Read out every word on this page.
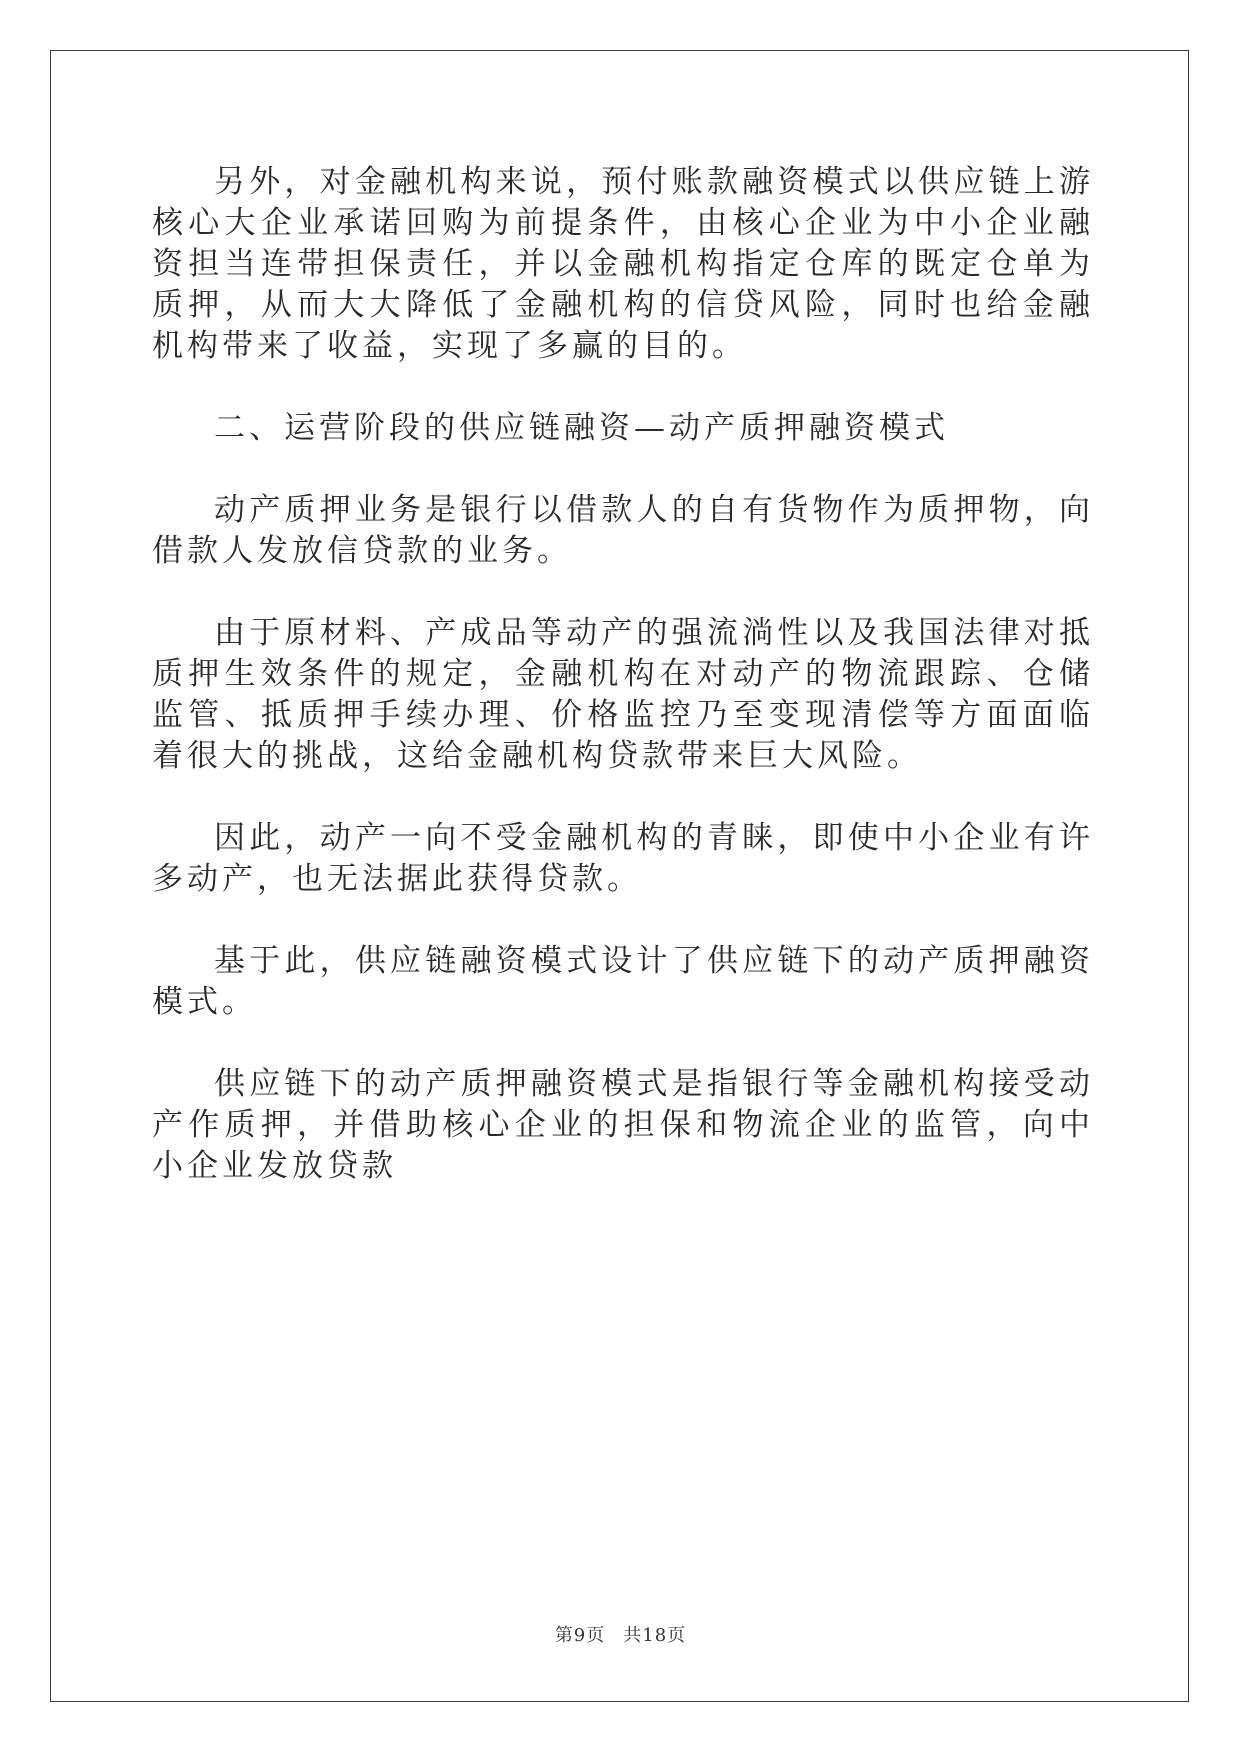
另外，对金融机构来说，预付账款融资模式以供应链上游核心大企业承诺回购为前提条件，由核心企业为中小企业融资担当连带担保责任，并以金融机构指定仓库的既定仓单为质押，从而大大降低了金融机构的信贷风险，同时也给金融机构带来了收益，实现了多赢的目的。

二、运营阶段的供应链融资—动产质押融资模式

动产质押业务是银行以借款人的自有货物作为质押物，向借款人发放信贷款的业务。

由于原材料、产成品等动产的强流淌性以及我国法律对抵质押生效条件的规定，金融机构在对动产的物流跟踪、仓储监管、抵质押手续办理、价格监控乃至变现清偿等方面面临着很大的挑战，这给金融机构贷款带来巨大风险。

因此，动产一向不受金融机构的青睐，即使中小企业有许多动产，也无法据此获得贷款。

基于此，供应链融资模式设计了供应链下的动产质押融资模式。

供应链下的动产质押融资模式是指银行等金融机构接受动产作质押，并借助核心企业的担保和物流企业的监管，向中小企业发放贷款

第9页 共18页
